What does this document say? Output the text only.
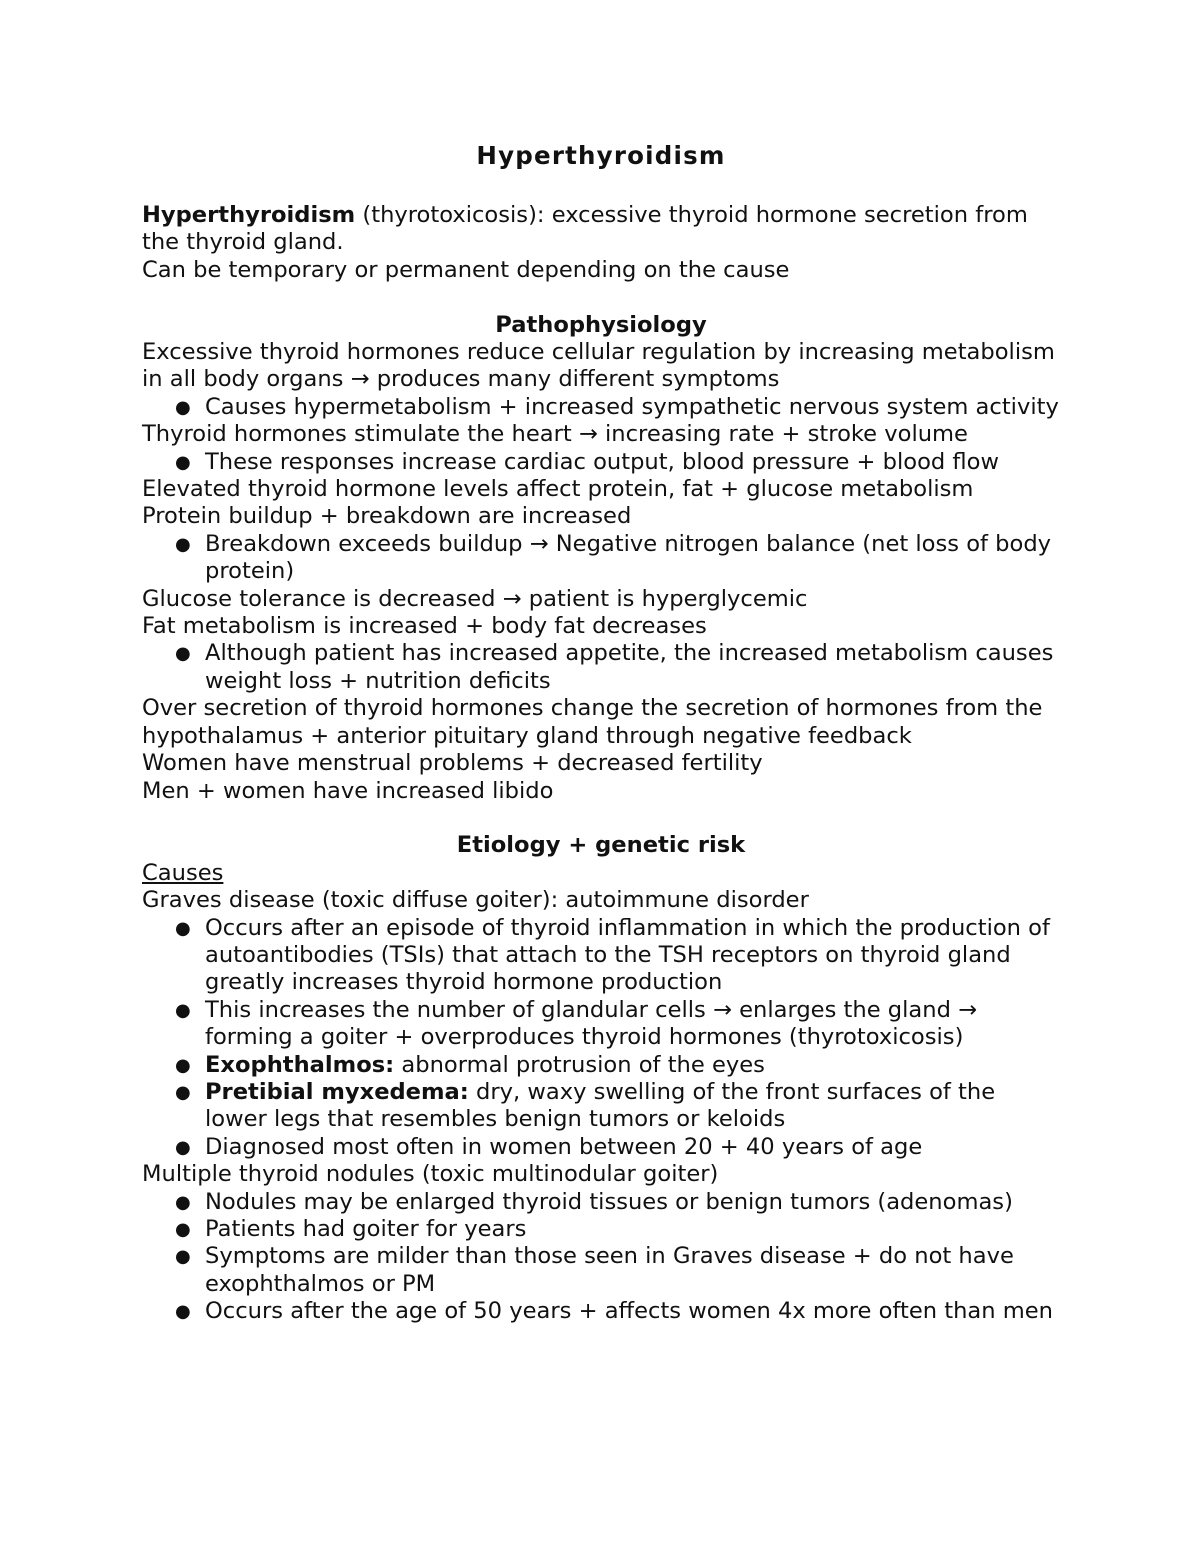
Hyperthyroidism

Hyperthyroidism (thyrotoxicosis): excessive thyroid hormone secretion from the thyroid gland.

Can be temporary or permanent depending on the cause

Pathophysiology

Excessive thyroid hormones reduce cellular regulation by increasing metabolism in all body organs → produces many different symptoms

● Causes hypermetabolism + increased sympathetic nervous system activity

Thyroid hormones stimulate the heart → increasing rate + stroke volume

● These responses increase cardiac output, blood pressure + blood flow

Elevated thyroid hormone levels affect protein, fat + glucose metabolism

Protein buildup + breakdown are increased

● Breakdown exceeds buildup → Negative nitrogen balance (net loss of body protein)

Glucose tolerance is decreased → patient is hyperglycemic

Fat metabolism is increased + body fat decreases

● Although patient has increased appetite, the increased metabolism causes weight loss + nutrition deficits

Over secretion of thyroid hormones change the secretion of hormones from the hypothalamus + anterior pituitary gland through negative feedback

Women have menstrual problems + decreased fertility

Men + women have increased libido

Etiology + genetic risk

Causes

Graves disease (toxic diffuse goiter): autoimmune disorder

● Occurs after an episode of thyroid inflammation in which the production of autoantibodies (TSIs) that attach to the TSH receptors on thyroid gland greatly increases thyroid hormone production
● This increases the number of glandular cells → enlarges the gland → forming a goiter + overproduces thyroid hormones (thyrotoxicosis)
● Exophthalmos: abnormal protrusion of the eyes
● Pretibial myxedema: dry, waxy swelling of the front surfaces of the lower legs that resembles benign tumors or keloids
● Diagnosed most often in women between 20 + 40 years of age

Multiple thyroid nodules (toxic multinodular goiter)

● Nodules may be enlarged thyroid tissues or benign tumors (adenomas)
● Patients had goiter for years
● Symptoms are milder than those seen in Graves disease + do not have exophthalmos or PM
● Occurs after the age of 50 years + affects women 4x more often than men
